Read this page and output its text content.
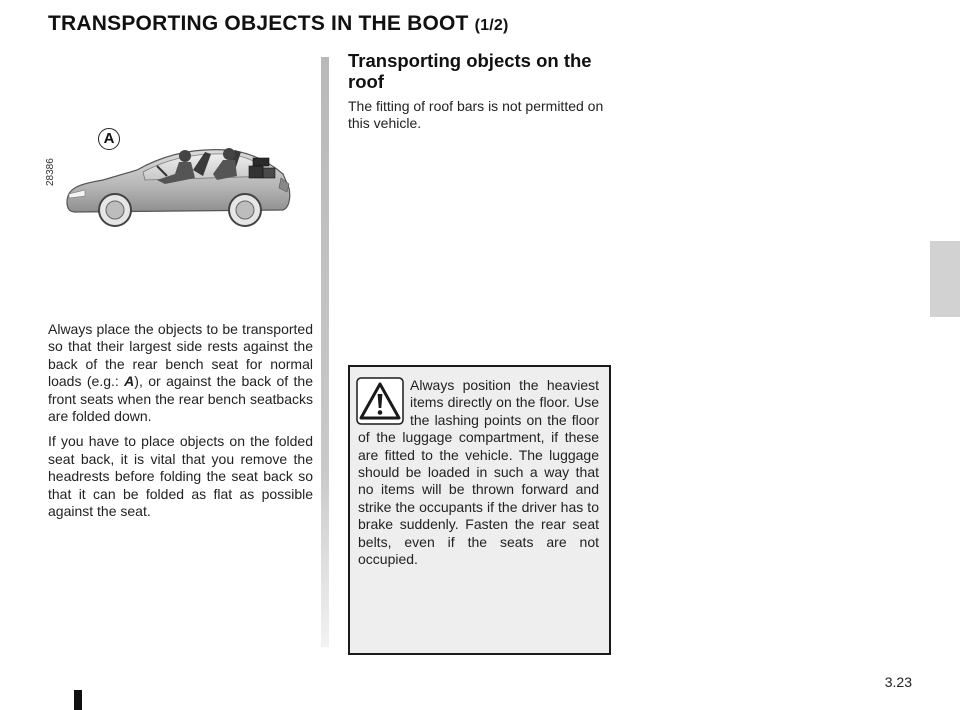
TRANSPORTING OBJECTS IN THE BOOT (1/2)
28386
A

Always place the objects to be transported so that their largest side rests against the back of the rear bench seat for normal loads (e.g.: A), or against the back of the front seats when the rear bench seatbacks are folded down.

If you have to place objects on the folded seat back, it is vital that you remove the headrests before folding the seat back so that it can be folded as flat as possible against the seat.

Transporting objects on the roof

The fitting of roof bars is not permitted on this vehicle.

Always position the heaviest items directly on the floor. Use the lashing points on the floor of the luggage compartment, if these are fitted to the vehicle. The luggage should be loaded in such a way that no items will be thrown forward and strike the occupants if the driver has to brake suddenly. Fasten the rear seat belts, even if the seats are not occupied.

3.23
